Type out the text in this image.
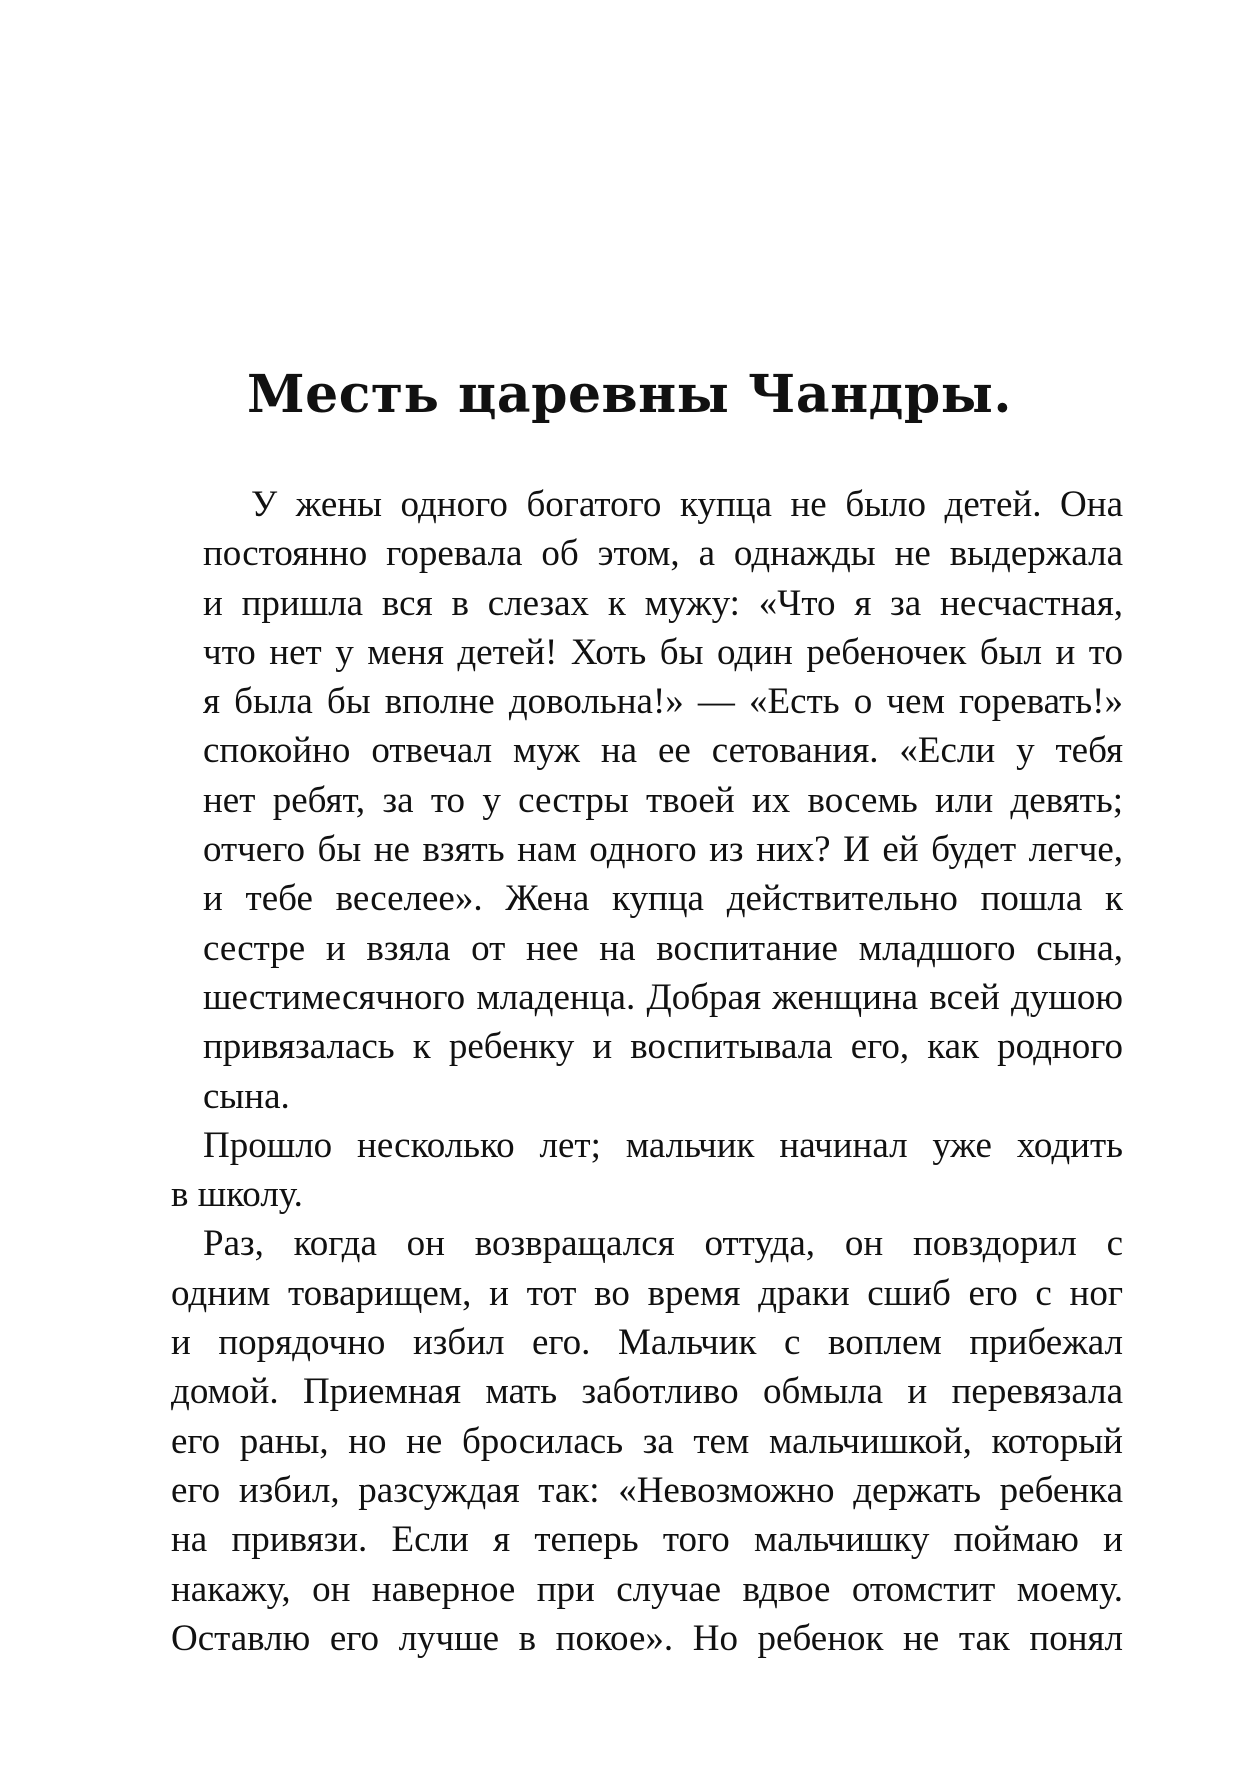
Месть царевны Чандры.

У жены одного богатого купца не было детей. Она
постоянно горевала об этом, а однажды не выдержала
и пришла вся в слезах к мужу: «Что я за несчастная,
что нет у меня детей! Хоть бы один ребеночек был и то
я была бы вполне довольна!» — «Есть о чем горевать!»
спокойно отвечал муж на ее сетования. «Если у тебя
нет ребят, за то у сестры твоей их восемь или девять;
отчего бы не взять нам одного из них? И ей будет легче,
и тебе веселее». Жена купца действительно пошла к
сестре и взяла от нее на воспитание младшого сына,
шестимесячного младенца. Добрая женщина всей душою
привязалась к ребенку и воспитывала его, как родного
сына.

Прошло несколько лет; мальчик начинал уже ходить
в школу.

Раз, когда он возвращался оттуда, он повздорил с
одним товарищем, и тот во время драки сшиб его с ног
и порядочно избил его. Мальчик с воплем прибежал
домой. Приемная мать заботливо обмыла и перевязала
его раны, но не бросилась за тем мальчишкой, который
его избил, разсуждая так: «Невозможно держать ребенка
на привязи. Если я теперь того мальчишку поймаю и
накажу, он наверное при случае вдвое отомстит моему.
Оставлю его лучше в покое». Но ребенок не так понял
